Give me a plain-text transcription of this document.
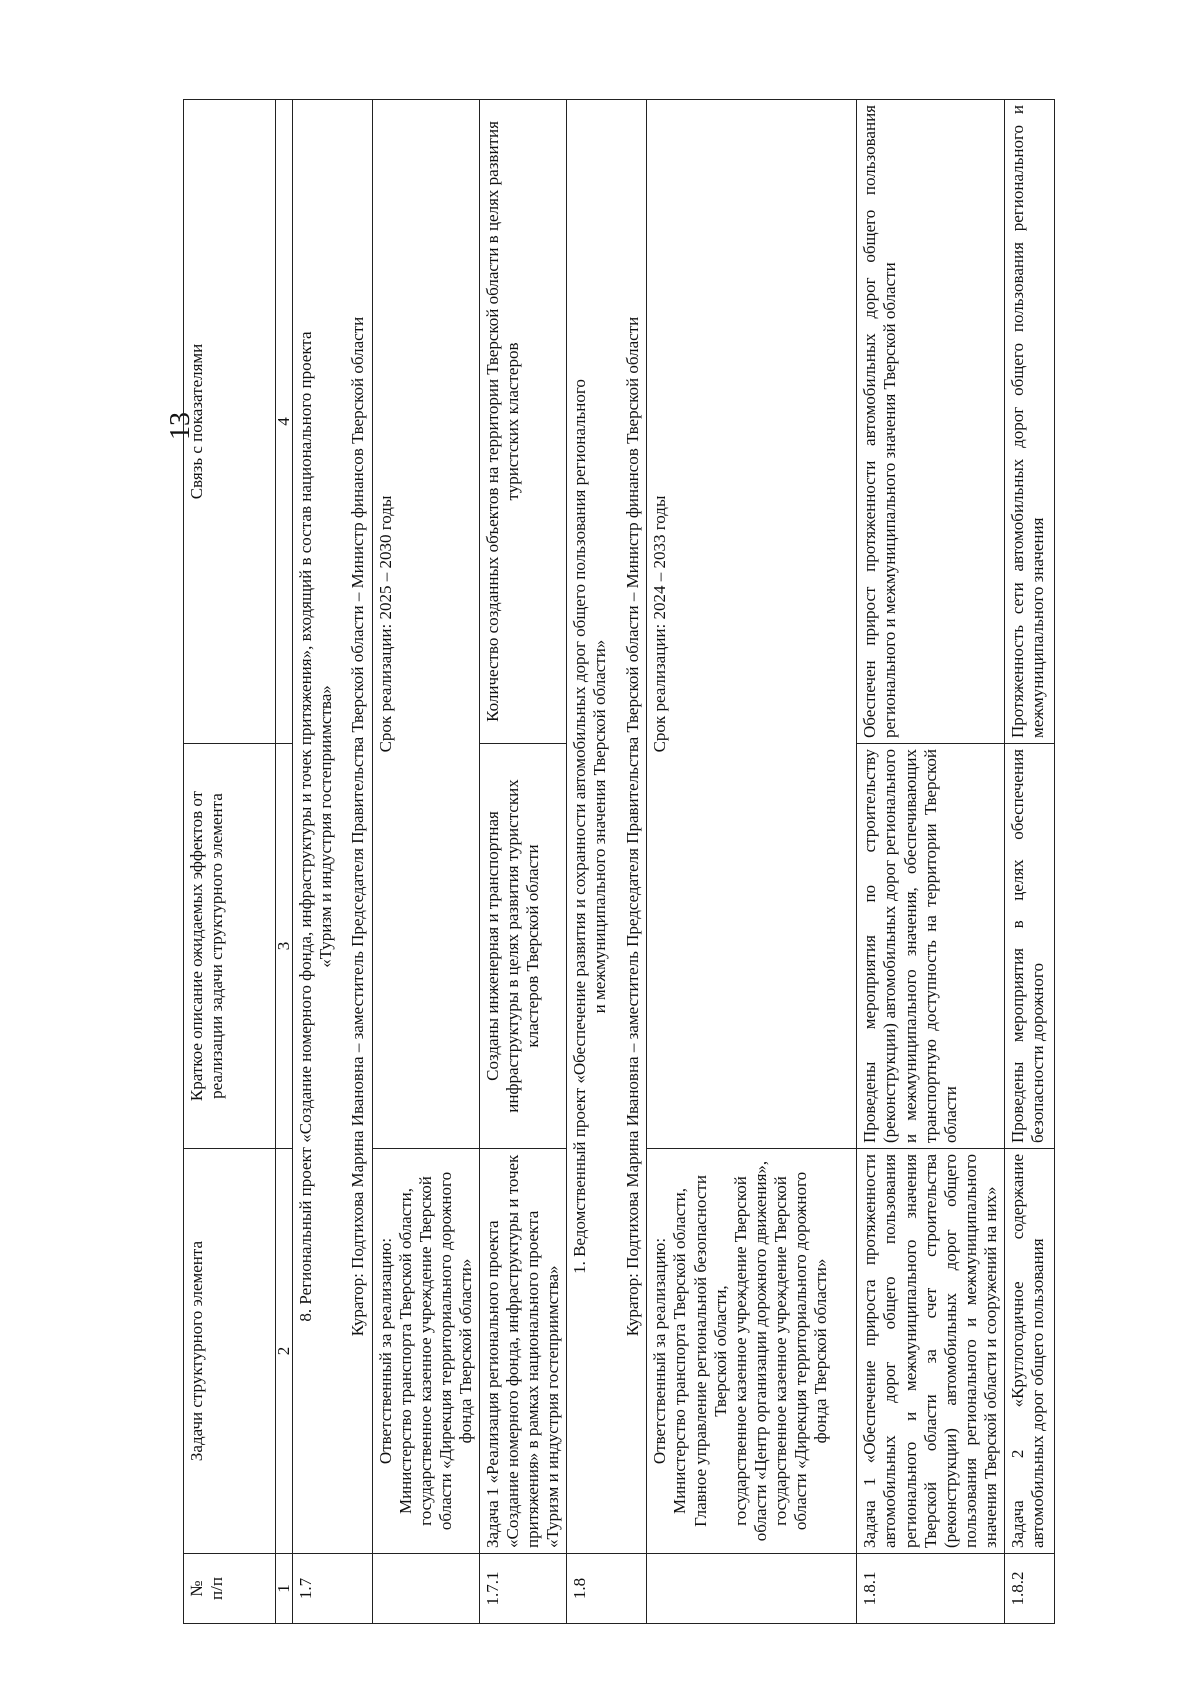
13
№ п/п	Задачи структурного элемента	Краткое описание ожидаемых эффектов от реализации задачи структурного элемента	Связь с показателями
1	2	3	4
1.7	8. Региональный проект «Создание номерного фонда, инфраструктуры и точек притяжения», входящий в состав национального проекта «Туризм и индустрия гостеприимства» Куратор: Подтихова Марина Ивановна – заместитель Председателя Правительства Тверской области – Министр финансов Тверской области		

	Ответственный за реализацию: Министерство транспорта Тверской области, государственное казенное учреждение Тверской области «Дирекция территориального дорожного фонда Тверской области»	Срок реализации: 2025 – 2030 годы	
1.7.1	Задача 1 «Реализация регионального проекта «Создание номерного фонда, инфраструктуры и точек притяжения» в рамках национального проекта «Туризм и индустрия гостеприимства»	Созданы инженерная и транспортная инфраструктуры в целях развития туристских кластеров Тверской области	Количество созданных объектов на территории Тверской области в целях развития туристских кластеров
1.8	1. Ведомственный проект «Обеспечение развития и сохранности автомобильных дорог общего пользования регионального и межмуниципального значения Тверской области» Куратор: Подтихова Марина Ивановна – заместитель Председателя Правительства Тверской области – Министр финансов Тверской области		

	Ответственный за реализацию: Министерство транспорта Тверской области, Главное управление региональной безопасности Тверской области, государственное казенное учреждение Тверской области «Центр организации дорожного движения», государственное казенное учреждение Тверской области «Дирекция территориального дорожного фонда Тверской области»	Срок реализации: 2024 – 2033 годы	
1.8.1	Задача 1 «Обеспечение прироста протяженности автомобильных дорог общего пользования регионального и межмуниципального значения Тверской области за счет строительства (реконструкции) автомобильных дорог общего пользования регионального и межмуниципального значения Тверской области и сооружений на них»	Проведены мероприятия по строительству (реконструкции) автомобильных дорог регионального и межмуниципального значения, обеспечивающих транспортную доступность на территории Тверской области	Обеспечен прирост протяженности автомобильных дорог общего пользования регионального и межмуниципального значения Тверской области
1.8.2	Задача 2 «Круглогодичное содержание автомобильных дорог общего пользования	Проведены мероприятия в целях обеспечения безопасности дорожного	Протяженность сети автомобильных дорог общего пользования регионального и межмуниципального значения
